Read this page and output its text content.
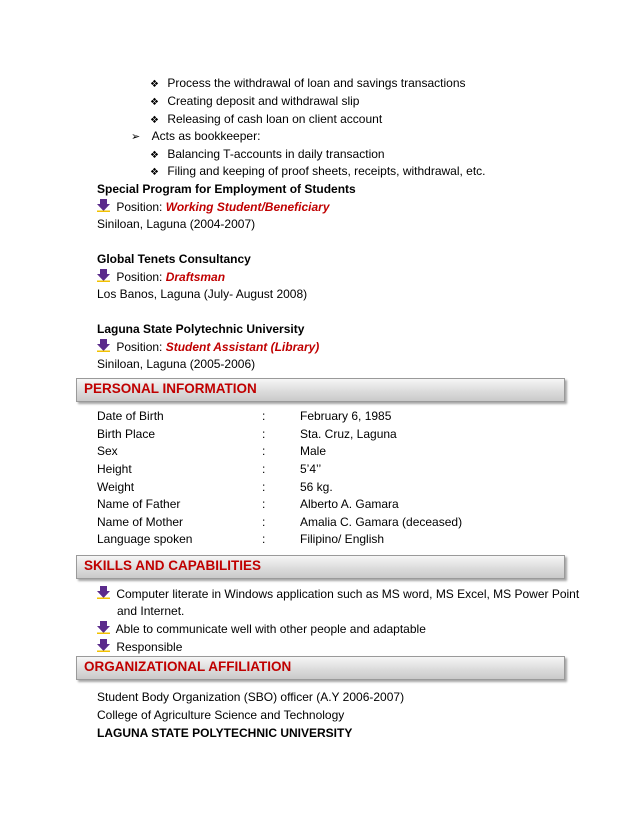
❖ Process the withdrawal of loan and savings transactions
❖ Creating deposit and withdrawal slip
❖ Releasing of cash loan on client account
➢ Acts as bookkeeper:
❖ Balancing T-accounts in daily transaction
❖ Filing and keeping of proof sheets, receipts, withdrawal, etc.
Special Program for Employment of Students
Position: Working Student/Beneficiary
Siniloan, Laguna (2004-2007)
Global Tenets Consultancy
Position: Draftsman
Los Banos, Laguna (July- August 2008)
Laguna State Polytechnic University
Position: Student Assistant (Library)
Siniloan, Laguna (2005-2006)
PERSONAL INFORMATION
Date of Birth	:	February 6, 1985
Birth Place	:	Sta. Cruz, Laguna
Sex	:	Male
Height	:	5’4’’
Weight	:	56 kg.
Name of Father	:	Alberto A. Gamara
Name of Mother	:	Amalia C. Gamara (deceased)
Language spoken	:	Filipino/ English
SKILLS AND CAPABILITIES
Computer literate in Windows application such as MS word, MS Excel, MS Power Point
and Internet.
Able to communicate well with other people and adaptable
Responsible
ORGANIZATIONAL AFFILIATION
Student Body Organization (SBO) officer (A.Y 2006-2007)
College of Agriculture Science and Technology
LAGUNA STATE POLYTECHNIC UNIVERSITY
